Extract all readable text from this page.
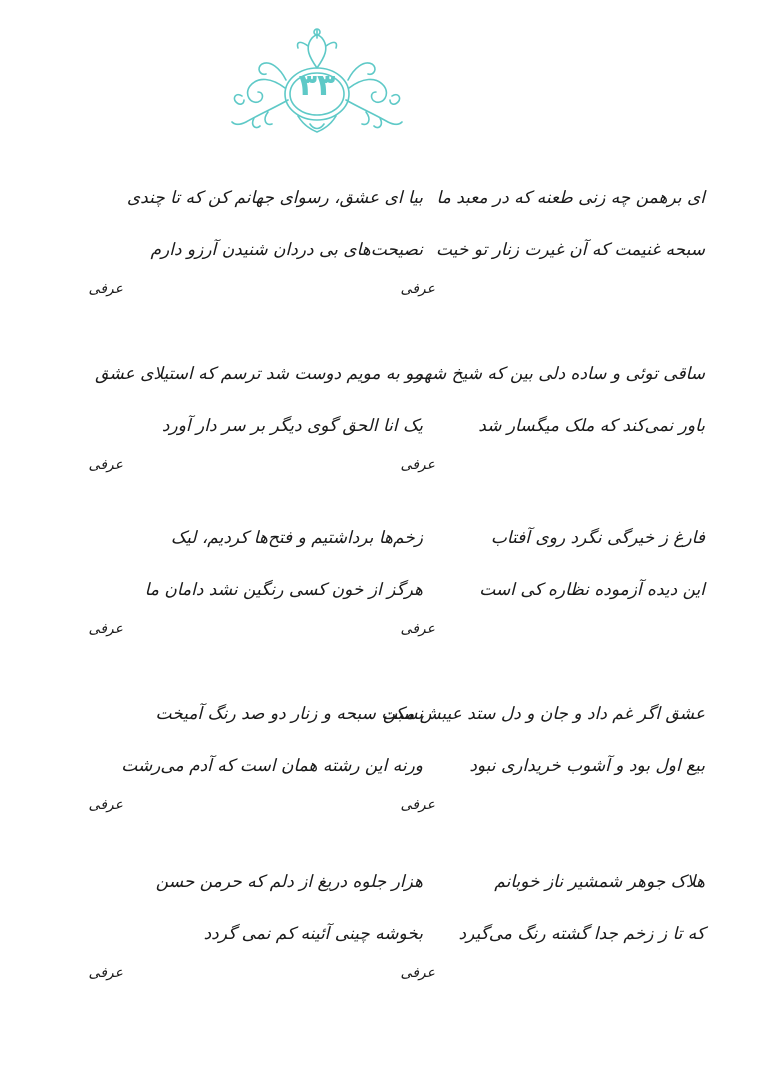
٣٣
بیا ای عشق، رسوای جهانم کن که تا چندی
نصیحت‌های بی دردان شنیدن آرزو دارم
عرفی
ای برهمن چه زنی طعنه که در معبد ما
سبحه غنیمت که آن غیرت زنار تو خیت
عرفی
مو به مویم دوست شد ترسم که استیلای عشق
یک انا الحق گوی دیگر بر سر دار آورد
عرفی
ساقی توئی و ساده دلی بین که شیخ شهر
باور نمی‌کند که ملک میگسار شد
عرفی
زخم‌ها برداشتیم و فتح‌ها کردیم، لیک
هرگز از خون کسی رنگین نشد دامان ما
عرفی
فارغ ز خیرگی نگرد روی آفتاب
این دیده آزموده نظاره کی است
عرفی
نسبت سبحه و زنار دو صد رنگ آمیخت
ورنه این رشته همان است که آدم می‌رشت
عرفی
عشق اگر غم داد و جان و دل ستد عیبش مکن
بیع اول بود و آشوب خریداری نبود
عرفی
هزار جلوه دریغ از دلم که حرمن حسن
بخوشه چینی آئینه کم نمی گردد
عرفی
هلاک جوهر شمشیر ناز خوبانم
که تا ز زخم جدا گشته رنگ می‌گیرد
عرفی
